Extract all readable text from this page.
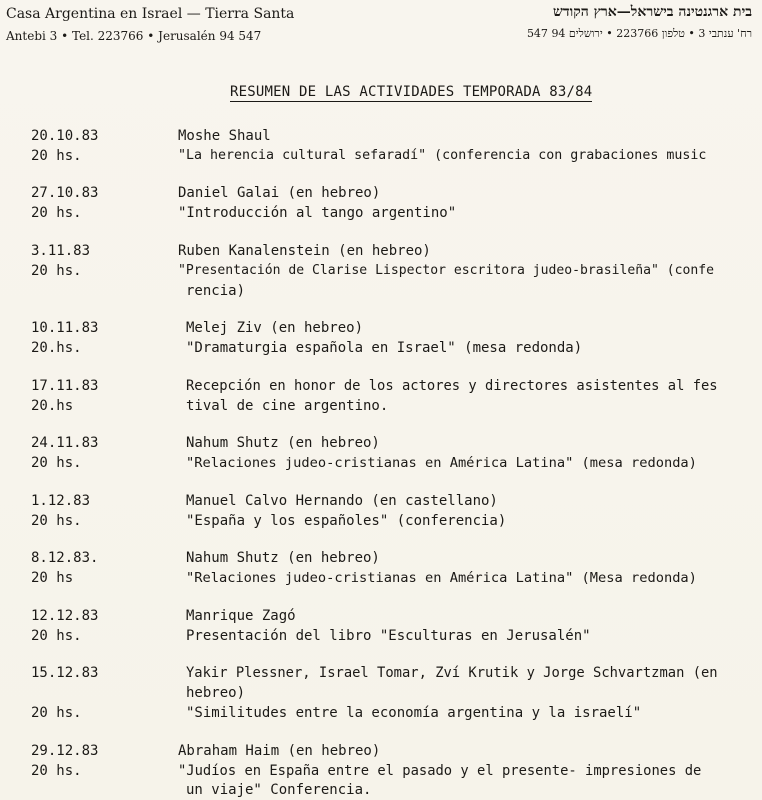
Casa Argentina en Israel — Tierra Santa
Antebi 3 • Tel. 223766 • Jerusalén 94 547
בית ארגנטינה בישראל—ארץ הקודש
רח' ענתבי 3 • טלפון 223766 • ירושלים 94 547
RESUMEN DE LAS ACTIVIDADES TEMPORADA 83/84
20.10.83
20 hs.
Moshe Shaul
"La herencia cultural sefaradí" (conferencia con grabaciones music
27.10.83
20 hs.
Daniel Galai (en hebreo)
"Introducción al tango argentino"
3.11.83
20 hs.
Ruben Kanalenstein (en hebreo)
"Presentación de Clarise Lispector escritora judeo-brasileña" (confe
rencia)
10.11.83
20.hs.
Melej Ziv (en hebreo)
"Dramaturgia española en Israel" (mesa redonda)
17.11.83
20.hs
Recepción en honor de los actores y directores asistentes al fes
tival de cine argentino.
24.11.83
20 hs.
Nahum Shutz (en hebreo)
"Relaciones judeo-cristianas en América Latina" (mesa redonda)
1.12.83
20 hs.
Manuel Calvo Hernando (en castellano)
"España y los españoles" (conferencia)
8.12.83.
20 hs
Nahum Shutz (en hebreo)
"Relaciones judeo-cristianas en América Latina" (Mesa redonda)
12.12.83
20 hs.
Manrique Zagó
Presentación del libro "Esculturas en Jerusalén"
15.12.83
20 hs.
Yakir Plessner, Israel Tomar, Zví Krutik y Jorge Schvartzman (en
hebreo)
"Similitudes entre la economía argentina y la israelí"
29.12.83
20 hs.
Abraham Haim (en hebreo)
"Judíos en España entre el pasado y el presente- impresiones de
un viaje" Conferencia.
